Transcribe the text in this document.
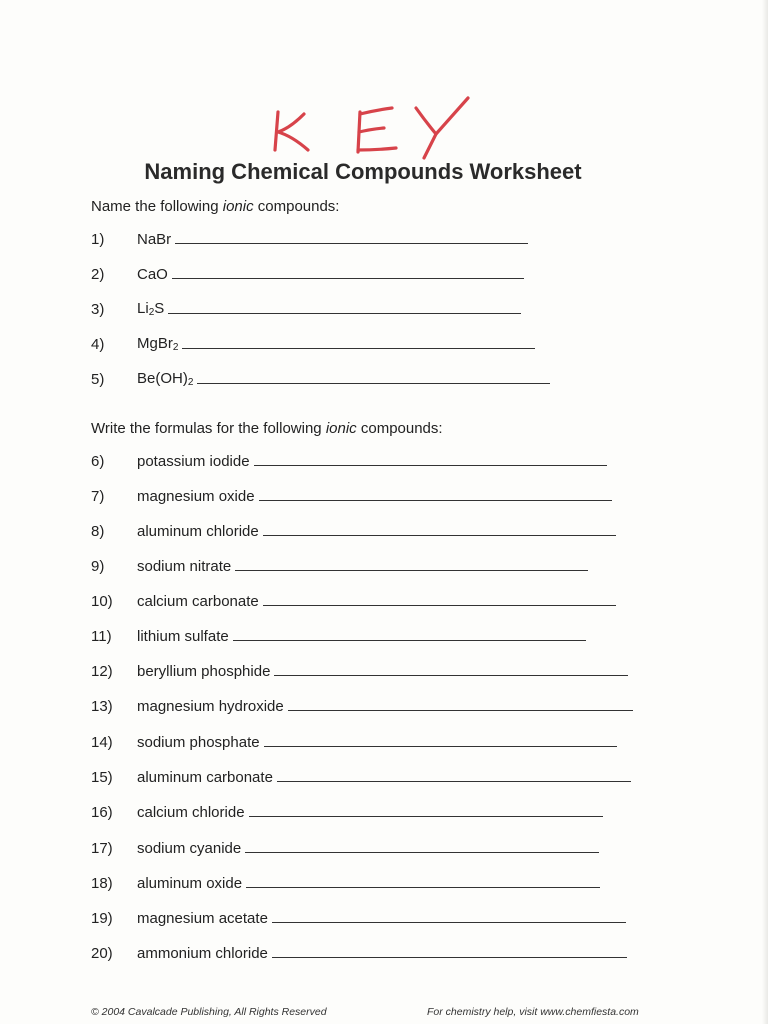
Naming Chemical Compounds Worksheet
Name the following ionic compounds:
1)	NaBr
2)	CaO
3)	$Li_2S$
4)	MgBr$_2$
5)	$Be(OH)_2$
Write the formulas for the following ionic compounds:
6)	potassium iodide
7)	magnesium oxide
8)	aluminum chloride
9)	sodium nitrate
10)	calcium carbonate
11)	lithium sulfate
12)	beryllium phosphide
13)	magnesium hydroxide
14)	sodium phosphate
15)	aluminum carbonate
16)	calcium chloride
17)	sodium cyanide
18)	aluminum oxide
19)	magnesium acetate
20)	ammonium chloride
© 2004 Cavalcade Publishing, All Rights Reserved	For chemistry help, visit www.chemfiesta.com
